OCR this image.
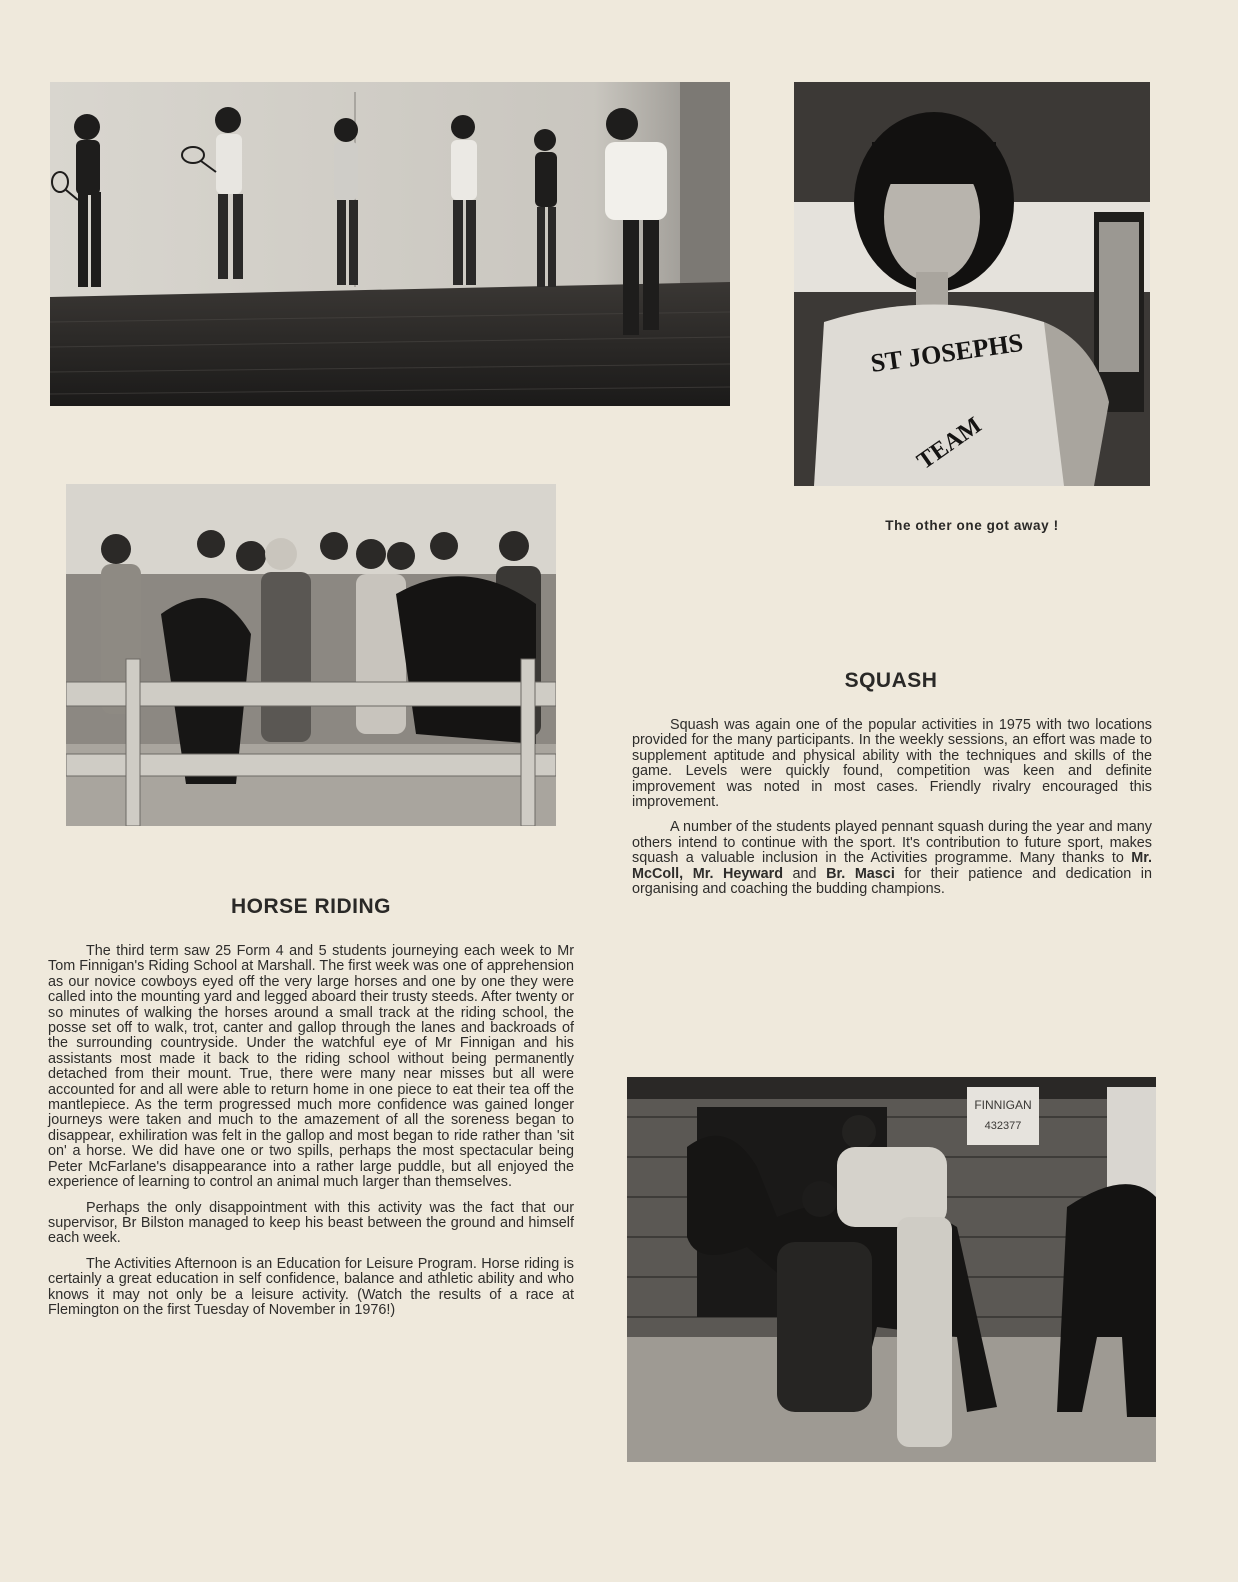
ST JOSEPHS
TEAM
The other one got away !
FINNIGAN
432377
SQUASH

Squash was again one of the popular activities in 1975 with two locations provided for the many participants. In the weekly sessions, an effort was made to supplement aptitude and physical ability with the techniques and skills of the game. Levels were quickly found, competition was keen and definite improvement was noted in most cases. Friendly rivalry encouraged this improvement.

A number of the students played pennant squash during the year and many others intend to continue with the sport. It's contribution to future sport, makes squash a valuable inclusion in the Activities programme. Many thanks to Mr. McColl, Mr. Heyward and Br. Masci for their patience and dedication in organising and coaching the budding champions.

HORSE RIDING

The third term saw 25 Form 4 and 5 students journeying each week to Mr Tom Finnigan's Riding School at Marshall. The first week was one of apprehension as our novice cowboys eyed off the very large horses and one by one they were called into the mounting yard and legged aboard their trusty steeds. After twenty or so minutes of walking the horses around a small track at the riding school, the posse set off to walk, trot, canter and gallop through the lanes and backroads of the surrounding countryside. Under the watchful eye of Mr Finnigan and his assistants most made it back to the riding school without being permanently detached from their mount. True, there were many near misses but all were accounted for and all were able to return home in one piece to eat their tea off the mantlepiece. As the term progressed much more confidence was gained longer journeys were taken and much to the amazement of all the soreness began to disappear, exhiliration was felt in the gallop and most began to ride rather than 'sit on' a horse. We did have one or two spills, perhaps the most spectacular being Peter McFarlane's disappearance into a rather large puddle, but all enjoyed the experience of learning to control an animal much larger than themselves.

Perhaps the only disappointment with this activity was the fact that our supervisor, Br Bilston managed to keep his beast between the ground and himself each week.

The Activities Afternoon is an Education for Leisure Program. Horse riding is certainly a great education in self confidence, balance and athletic ability and who knows it may not only be a leisure activity. (Watch the results of a race at Flemington on the first Tuesday of November in 1976!)
